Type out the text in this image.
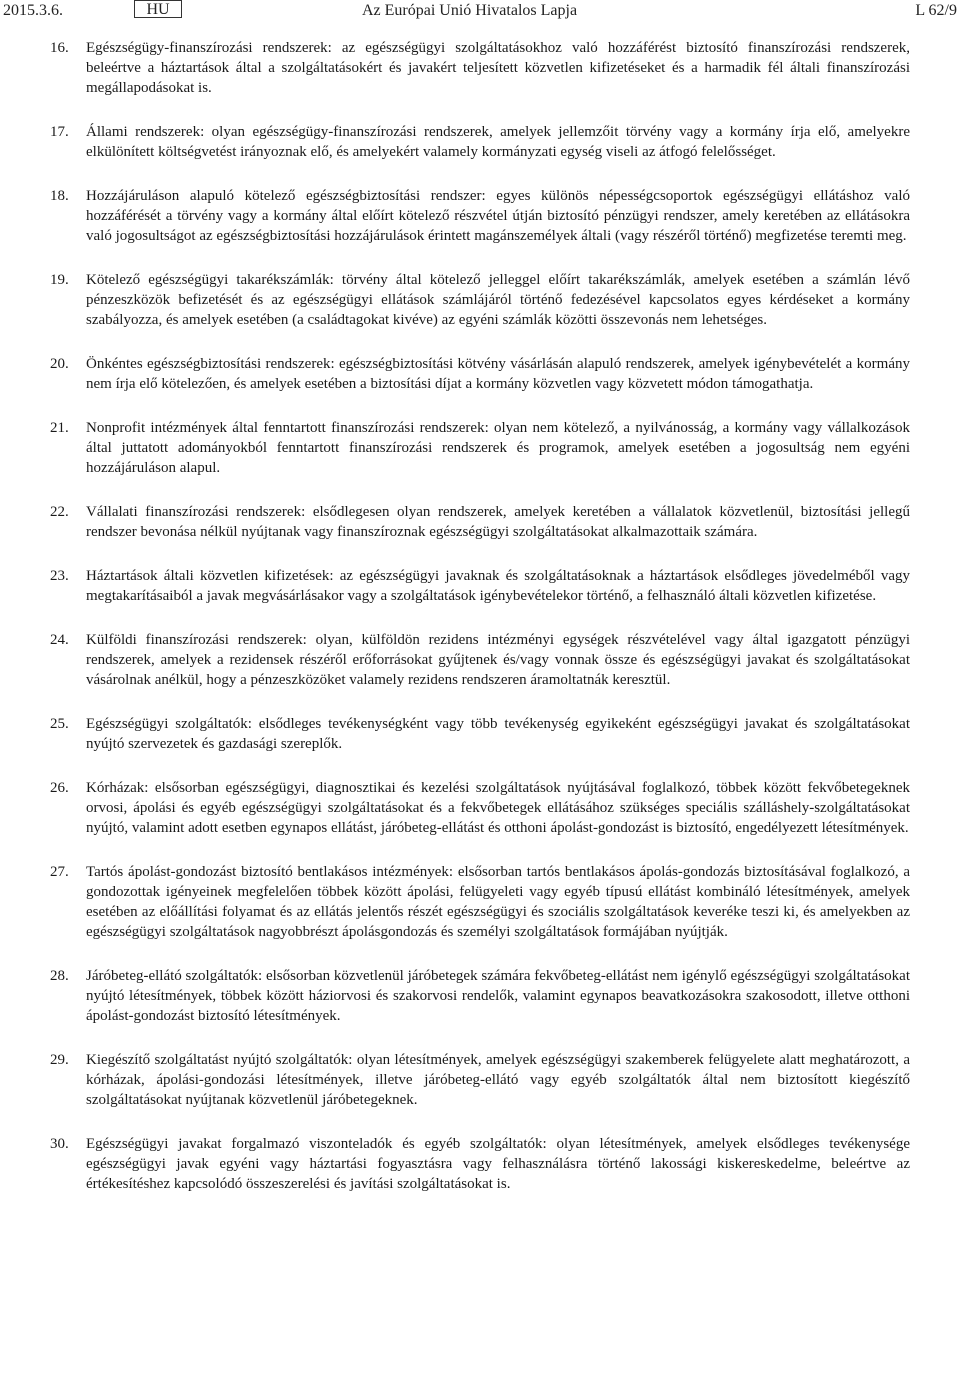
2015.3.6.	HU	Az Európai Unió Hivatalos Lapja	L 62/9
16.	Egészségügy-finanszírozási rendszerek: az egészségügyi szolgáltatásokhoz való hozzáférést biztosító finanszírozási rendszerek, beleértve a háztartások által a szolgáltatásokért és javakért teljesített közvetlen kifizetéseket és a harmadik fél általi finanszírozási megállapodásokat is.
17.	Állami rendszerek: olyan egészségügy-finanszírozási rendszerek, amelyek jellemzőit törvény vagy a kormány írja elő, amelyekre elkülönített költségvetést irányoznak elő, és amelyekért valamely kormányzati egység viseli az átfogó felelősséget.
18.	Hozzájáruláson alapuló kötelező egészségbiztosítási rendszer: egyes különös népességcsoportok egészségügyi ellátáshoz való hozzáférését a törvény vagy a kormány által előírt kötelező részvétel útján biztosító pénzügyi rendszer, amely keretében az ellátásokra való jogosultságot az egészségbiztosítási hozzájárulások érintett magánszemélyek általi (vagy részéről történő) megfizetése teremti meg.
19.	Kötelező egészségügyi takarékszámlák: törvény által kötelező jelleggel előírt takarékszámlák, amelyek esetében a számlán lévő pénzeszközök befizetését és az egészségügyi ellátások számlájáról történő fedezésével kapcsolatos egyes kérdéseket a kormány szabályozza, és amelyek esetében (a családtagokat kivéve) az egyéni számlák közötti összevonás nem lehetséges.
20.	Önkéntes egészségbiztosítási rendszerek: egészségbiztosítási kötvény vásárlásán alapuló rendszerek, amelyek igénybevételét a kormány nem írja elő kötelezően, és amelyek esetében a biztosítási díjat a kormány közvetlen vagy közvetett módon támogathatja.
21.	Nonprofit intézmények által fenntartott finanszírozási rendszerek: olyan nem kötelező, a nyilvánosság, a kormány vagy vállalkozások által juttatott adományokból fenntartott finanszírozási rendszerek és programok, amelyek esetében a jogosultság nem egyéni hozzájáruláson alapul.
22.	Vállalati finanszírozási rendszerek: elsődlegesen olyan rendszerek, amelyek keretében a vállalatok közvetlenül, biztosítási jellegű rendszer bevonása nélkül nyújtanak vagy finanszíroznak egészségügyi szolgáltatásokat alkalmazottaik számára.
23.	Háztartások általi közvetlen kifizetések: az egészségügyi javaknak és szolgáltatásoknak a háztartások elsődleges jövedelméből vagy megtakarításaiból a javak megvásárlásakor vagy a szolgáltatások igénybevételekor történő, a felhasználó általi közvetlen kifizetése.
24.	Külföldi finanszírozási rendszerek: olyan, külföldön rezidens intézményi egységek részvételével vagy által igazgatott pénzügyi rendszerek, amelyek a rezidensek részéről erőforrásokat gyűjtenek és/vagy vonnak össze és egészségügyi javakat és szolgáltatásokat vásárolnak anélkül, hogy a pénzeszközöket valamely rezidens rendszeren áramoltatnák keresztül.
25.	Egészségügyi szolgáltatók: elsődleges tevékenységként vagy több tevékenység egyikeként egészségügyi javakat és szolgáltatásokat nyújtó szervezetek és gazdasági szereplők.
26.	Kórházak: elsősorban egészségügyi, diagnosztikai és kezelési szolgáltatások nyújtásával foglalkozó, többek között fekvőbetegeknek orvosi, ápolási és egyéb egészségügyi szolgáltatásokat és a fekvőbetegek ellátásához szükséges speciális szálláshely-szolgáltatásokat nyújtó, valamint adott esetben egynapos ellátást, járóbeteg-ellátást és otthoni ápolást-gondozást is biztosító, engedélyezett létesítmények.
27.	Tartós ápolást-gondozást biztosító bentlakásos intézmények: elsősorban tartós bentlakásos ápolás-gondozás biztosításával foglalkozó, a gondozottak igényeinek megfelelően többek között ápolási, felügyeleti vagy egyéb típusú ellátást kombináló létesítmények, amelyek esetében az előállítási folyamat és az ellátás jelentős részét egészségügyi és szociális szolgáltatások keveréke teszi ki, és amelyekben az egészségügyi szolgáltatások nagyobbrészt ápolásgondozás és személyi szolgáltatások formájában nyújtják.
28.	Járóbeteg-ellátó szolgáltatók: elsősorban közvetlenül járóbetegek számára fekvőbeteg-ellátást nem igénylő egészségügyi szolgáltatásokat nyújtó létesítmények, többek között háziorvosi és szakorvosi rendelők, valamint egynapos beavatkozásokra szakosodott, illetve otthoni ápolást-gondozást biztosító létesítmények.
29.	Kiegészítő szolgáltatást nyújtó szolgáltatók: olyan létesítmények, amelyek egészségügyi szakemberek felügyelete alatt meghatározott, a kórházak, ápolási-gondozási létesítmények, illetve járóbeteg-ellátó vagy egyéb szolgáltatók által nem biztosított kiegészítő szolgáltatásokat nyújtanak közvetlenül járóbetegeknek.
30.	Egészségügyi javakat forgalmazó viszonteladók és egyéb szolgáltatók: olyan létesítmények, amelyek elsődleges tevékenysége egészségügyi javak egyéni vagy háztartási fogyasztásra vagy felhasználásra történő lakossági kiskereskedelme, beleértve az értékesítéshez kapcsolódó összeszerelési és javítási szolgáltatásokat is.
